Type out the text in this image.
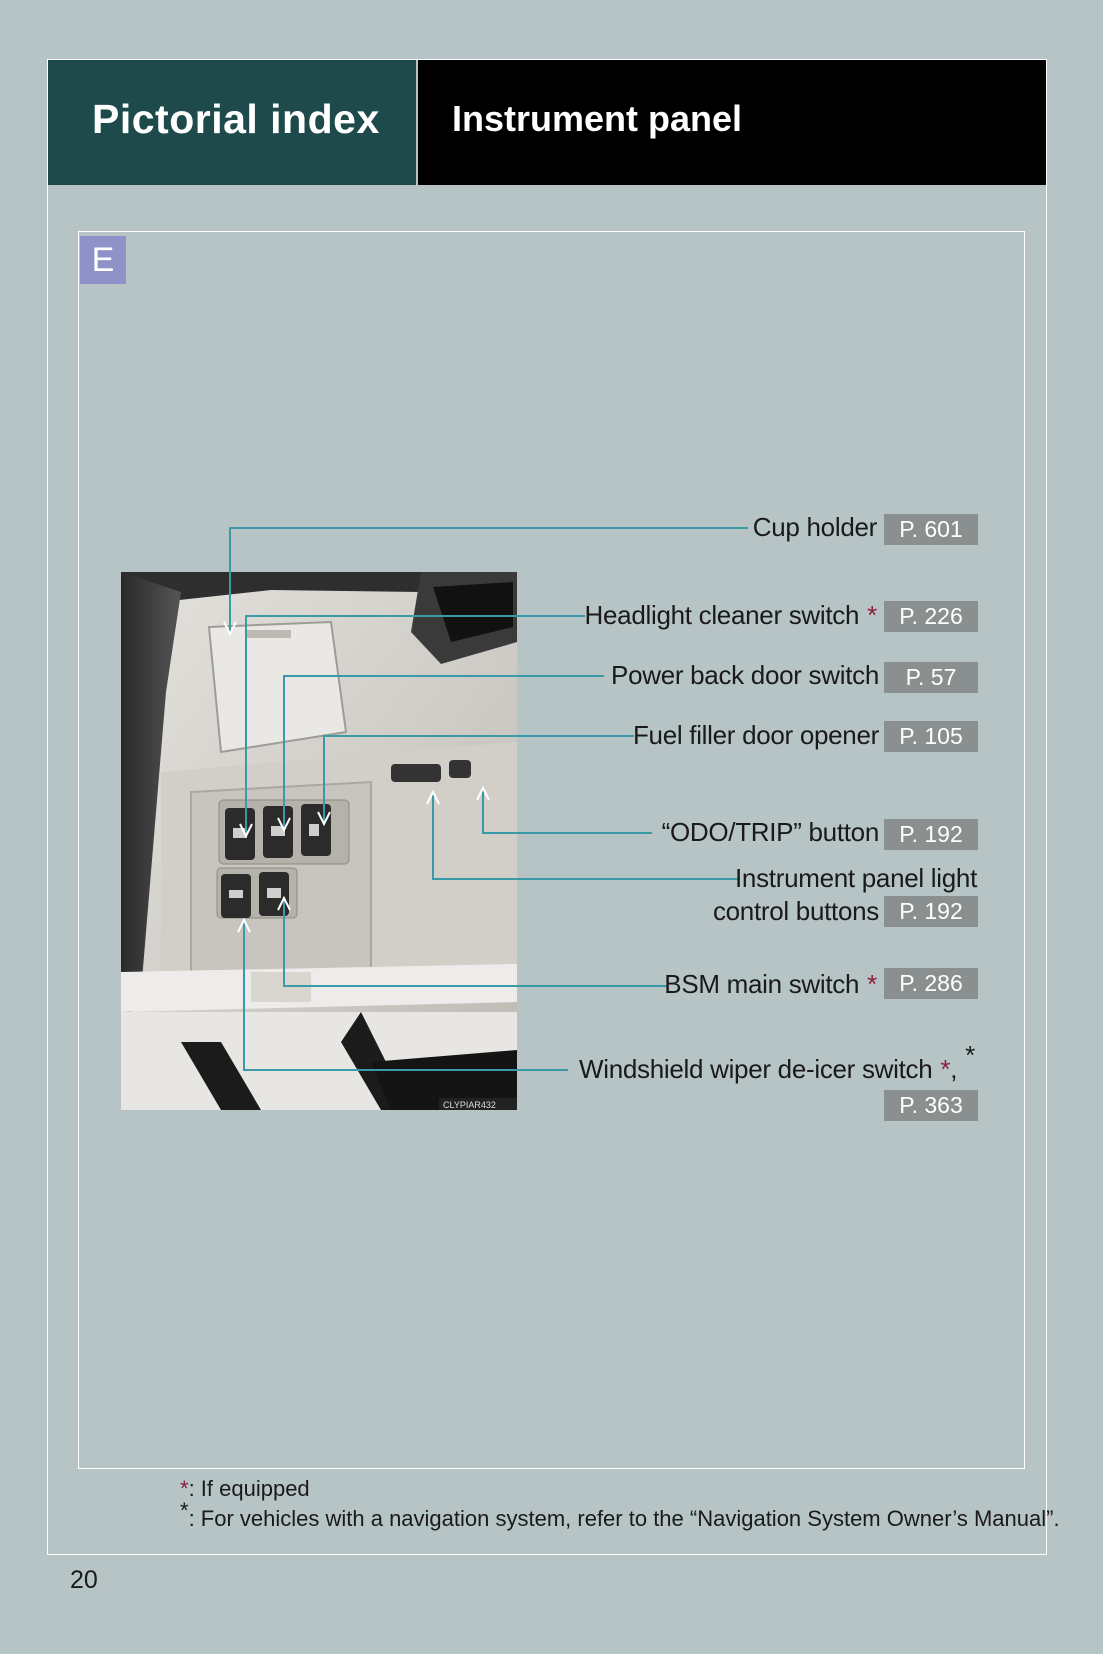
Pictorial index Instrument panel
E
CLYPIAR432
Cup holder P. 601
Headlight cleaner switch * P. 226
Power back door switch	P. 57
Fuel filler door opener P. 105
“ODO/TRIP” button P. 192
Instrument panel light
control buttons P. 192
BSM main switch * P. 286
Windshield wiper de-icer switch *, *
P. 363
*: If equipped
*: For vehicles with a navigation system, refer to the “Navigation System Owner’s Manual”.
20
